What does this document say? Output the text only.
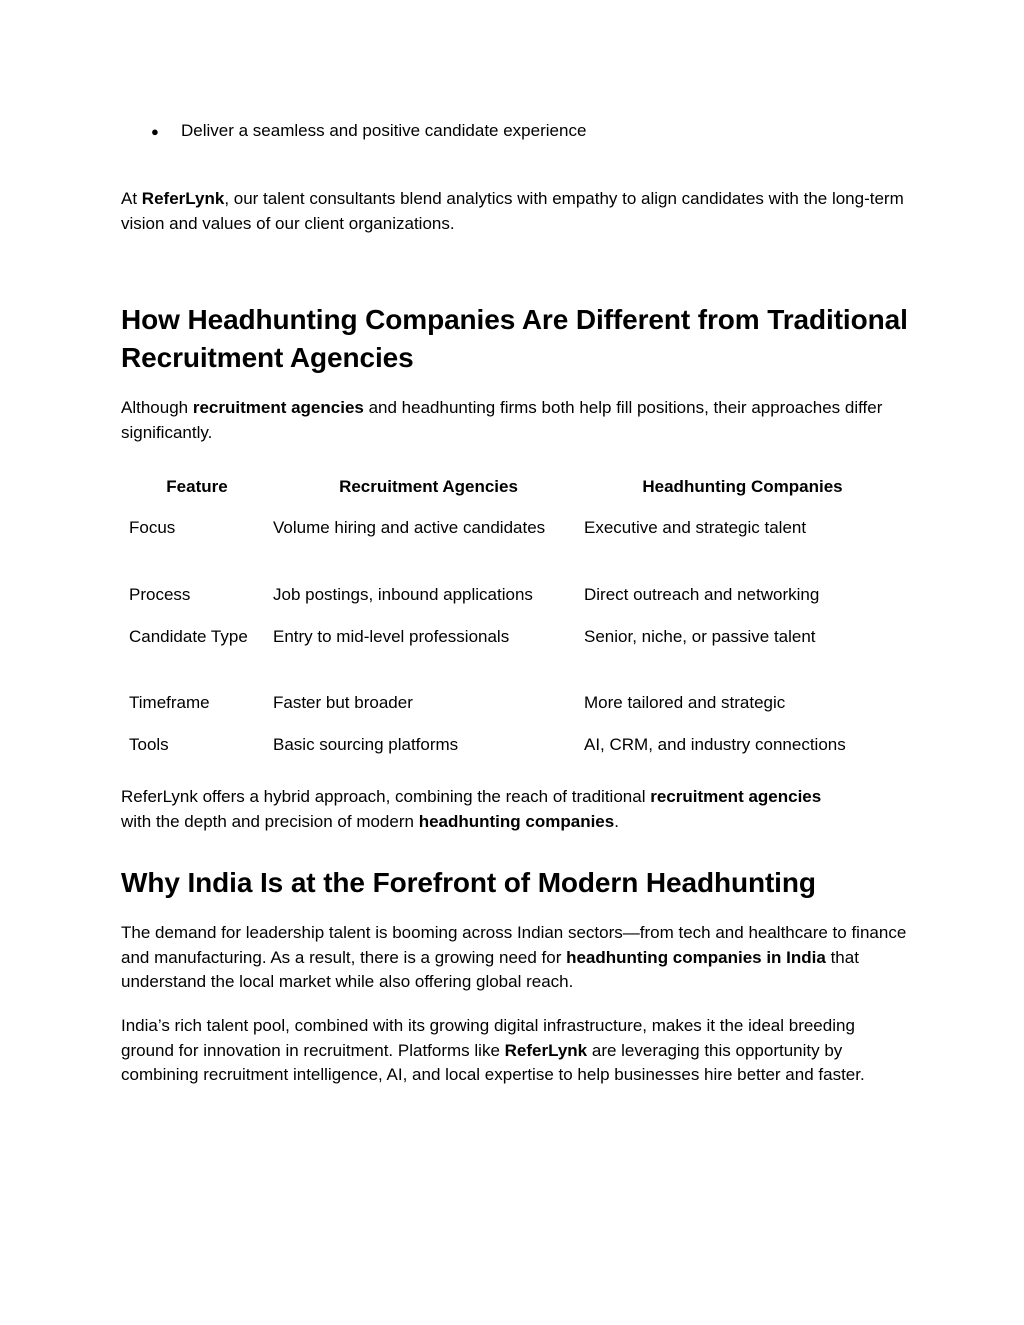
● Deliver a seamless and positive candidate experience

At ReferLynk, our talent consultants blend analytics with empathy to align candidates with the long-term vision and values of our client organizations.

How Headhunting Companies Are Different from Traditional Recruitment Agencies

Although recruitment agencies and headhunting firms both help fill positions, their approaches differ significantly.

Feature	Recruitment Agencies	Headhunting Companies
Focus	Volume hiring and active candidates	Executive and strategic talent
Process	Job postings, inbound applications	Direct outreach and networking
Candidate Type	Entry to mid-level professionals	Senior, niche, or passive talent
Timeframe	Faster but broader	More tailored and strategic
Tools	Basic sourcing platforms	AI, CRM, and industry connections

ReferLynk offers a hybrid approach, combining the reach of traditional recruitment agencies
with the depth and precision of modern headhunting companies.

Why India Is at the Forefront of Modern Headhunting

The demand for leadership talent is booming across Indian sectors—from tech and healthcare to finance and manufacturing. As a result, there is a growing need for headhunting companies in India that understand the local market while also offering global reach.

India’s rich talent pool, combined with its growing digital infrastructure, makes it the ideal breeding ground for innovation in recruitment. Platforms like ReferLynk are leveraging this opportunity by combining recruitment intelligence, AI, and local expertise to help businesses hire better and faster.
